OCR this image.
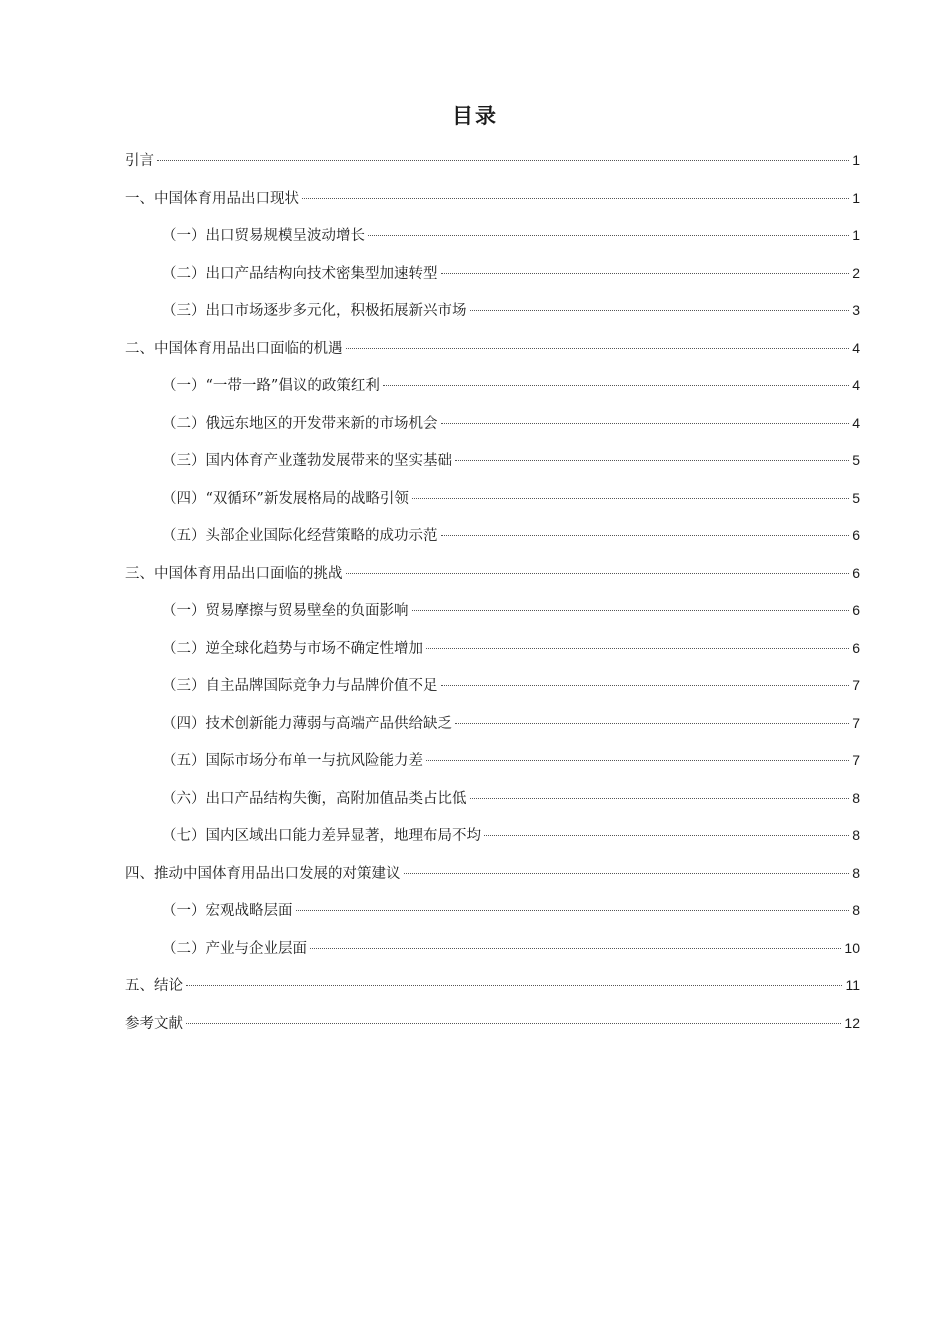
目录
引言	1
一、中国体育用品出口现状	1
（一）出口贸易规模呈波动增长	1
（二）出口产品结构向技术密集型加速转型	2
（三）出口市场逐步多元化，积极拓展新兴市场	3
二、中国体育用品出口面临的机遇	4
（一）“一带一路”倡议的政策红利	4
（二）俄远东地区的开发带来新的市场机会	4
（三）国内体育产业蓬勃发展带来的坚实基础	5
（四）“双循环”新发展格局的战略引领	5
（五）头部企业国际化经营策略的成功示范	6
三、中国体育用品出口面临的挑战	6
（一）贸易摩擦与贸易壁垒的负面影响	6
（二）逆全球化趋势与市场不确定性增加	6
（三）自主品牌国际竞争力与品牌价值不足	7
（四）技术创新能力薄弱与高端产品供给缺乏	7
（五）国际市场分布单一与抗风险能力差	7
（六）出口产品结构失衡，高附加值品类占比低	8
（七）国内区域出口能力差异显著，地理布局不均	8
四、推动中国体育用品出口发展的对策建议	8
（一）宏观战略层面	8
（二）产业与企业层面	10
五、结论	11
参考文献	12
